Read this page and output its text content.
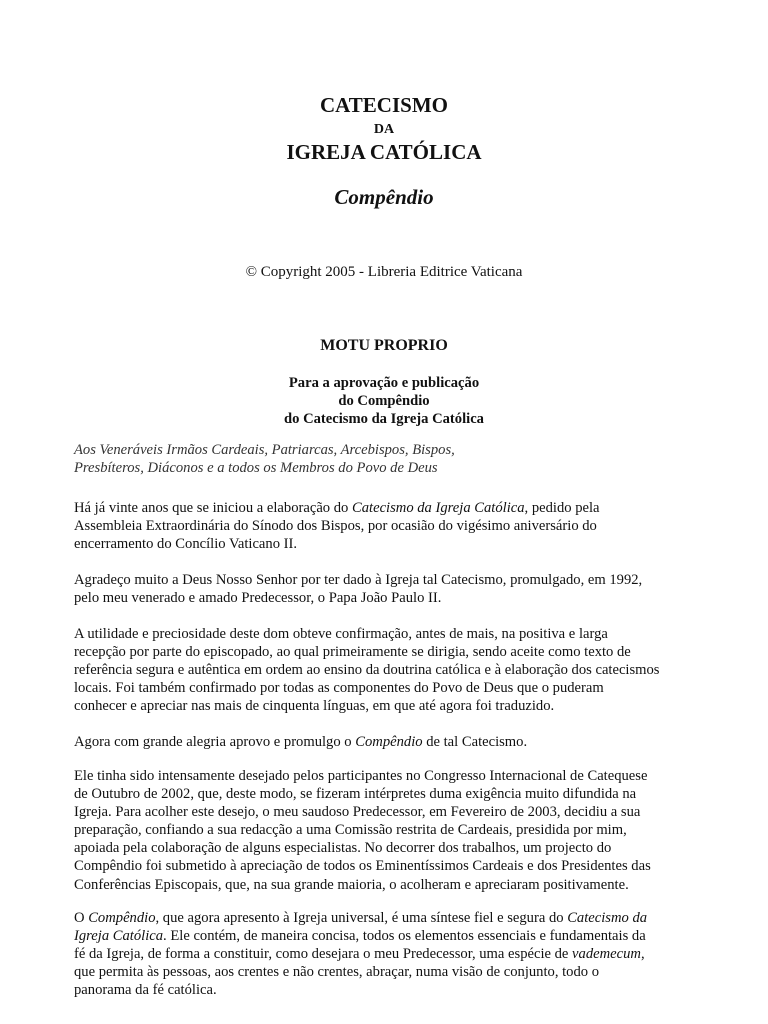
CATECISMO
DA
IGREJA CATÓLICA
Compêndio
© Copyright 2005 - Libreria Editrice Vaticana
MOTU PROPRIO
Para a aprovação e publicação
do Compêndio
do Catecismo da Igreja Católica

Aos Veneráveis Irmãos Cardeais, Patriarcas, Arcebispos, Bispos,

Presbíteros, Diáconos e a todos os Membros do Povo de Deus

Há já vinte anos que se iniciou a elaboração do Catecismo da Igreja Católica, pedido pela

Assembleia Extraordinária do Sínodo dos Bispos, por ocasião do vigésimo aniversário do

encerramento do Concílio Vaticano II.

Agradeço muito a Deus Nosso Senhor por ter dado à Igreja tal Catecismo, promulgado, em 1992,

pelo meu venerado e amado Predecessor, o Papa João Paulo II.

A utilidade e preciosidade deste dom obteve confirmação, antes de mais, na positiva e larga

recepção por parte do episcopado, ao qual primeiramente se dirigia, sendo aceite como texto de

referência segura e autêntica em ordem ao ensino da doutrina católica e à elaboração dos catecismos

locais. Foi também confirmado por todas as componentes do Povo de Deus que o puderam

conhecer e apreciar nas mais de cinquenta línguas, em que até agora foi traduzido.

Agora com grande alegria aprovo e promulgo o Compêndio de tal Catecismo.

Ele tinha sido intensamente desejado pelos participantes no Congresso Internacional de Catequese

de Outubro de 2002, que, deste modo, se fizeram intérpretes duma exigência muito difundida na

Igreja. Para acolher este desejo, o meu saudoso Predecessor, em Fevereiro de 2003, decidiu a sua

preparação, confiando a sua redacção a uma Comissão restrita de Cardeais, presidida por mim,

apoiada pela colaboração de alguns especialistas. No decorrer dos trabalhos, um projecto do

Compêndio foi submetido à apreciação de todos os Eminentíssimos Cardeais e dos Presidentes das

Conferências Episcopais, que, na sua grande maioria, o acolheram e apreciaram positivamente.

O Compêndio, que agora apresento à Igreja universal, é uma síntese fiel e segura do Catecismo da

Igreja Católica. Ele contém, de maneira concisa, todos os elementos essenciais e fundamentais da

fé da Igreja, de forma a constituir, como desejara o meu Predecessor, uma espécie de vademecum,

que permita às pessoas, aos crentes e não crentes, abraçar, numa visão de conjunto, todo o

panorama da fé católica.
